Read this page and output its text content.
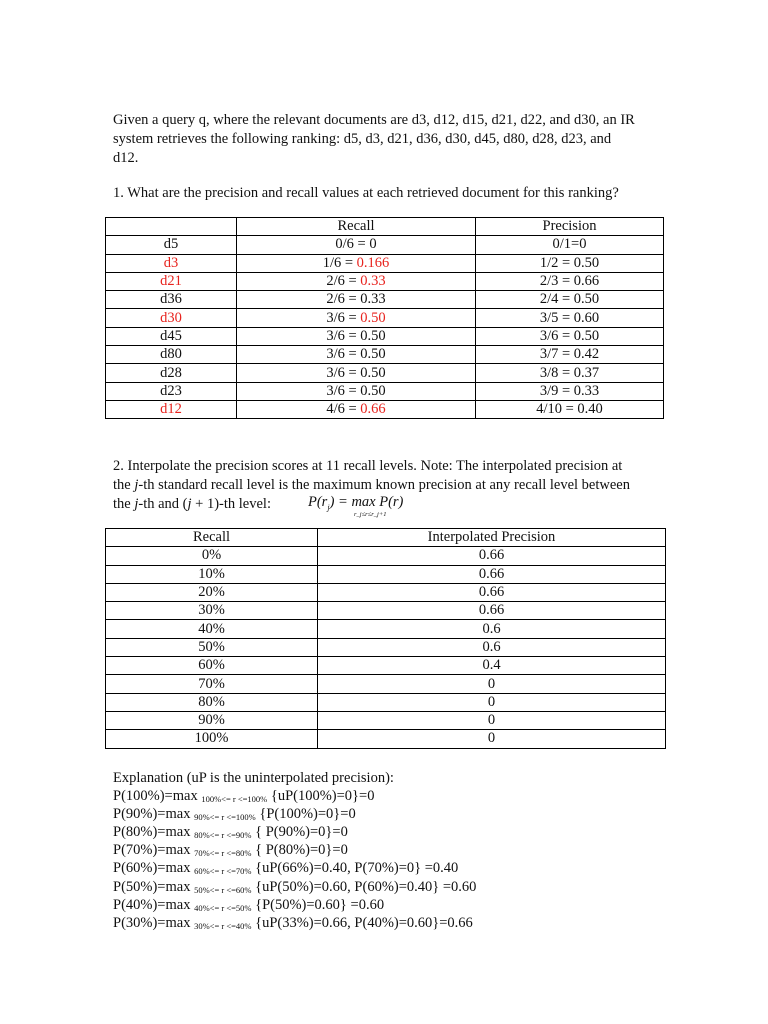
Given a query q, where the relevant documents are d3, d12, d15, d21, d22, and d30, an IR
system retrieves the following ranking: d5, d3, d21, d36, d30, d45, d80, d28, d23, and
d12.
1. What are the precision and recall values at each retrieved document for this ranking?
	Recall	Precision
d5	0/6 = 0	0/1=0
d3	1/6 = 0.166	1/2 = 0.50
d21	2/6 = 0.33	2/3 = 0.66
d36	2/6 = 0.33	2/4 = 0.50
d30	3/6 = 0.50	3/5 = 0.60
d45	3/6 = 0.50	3/6 = 0.50
d80	3/6 = 0.50	3/7 = 0.42
d28	3/6 = 0.50	3/8 = 0.37
d23	3/6 = 0.50	3/9 = 0.33
d12	4/6 = 0.66	4/10 = 0.40
2. Interpolate the precision scores at 11 recall levels. Note: The interpolated precision at
the j-th standard recall level is the maximum known precision at any recall level between
the j-th and (j + 1)-th level:	$P(r_j) = \max P(r)$
r_j≤r≤r_j+1
Recall	Interpolated Precision
0%	0.66
10%	0.66
20%	0.66
30%	0.66
40%	0.6
50%	0.6
60%	0.4
70%	0
80%	0
90%	0
100%	0
Explanation (uP is the uninterpolated precision):
P(100%)=max $_{100\%<= r <=100\%}$ {uP(100%)=0}=0
P(90%)=max $_{90\%<= r <=100\%}$ {P(100%)=0}=0
P(80%)=max $_{80\%<= r <=90\%}$ { P(90%)=0}=0
P(70%)=max $_{70\%<= r <=80\%}$ { P(80%)=0}=0
P(60%)=max $_{60\%<= r <=70\%}$ {uP(66%)=0.40, P(70%)=0} =0.40
P(50%)=max $_{50\%<= r <=60\%}$ {uP(50%)=0.60, P(60%)=0.40} =0.60
P(40%)=max $_{40\%<= r <=50\%}$ {P(50%)=0.60} =0.60
P(30%)=max $_{30\%<= r <=40\%}$ {uP(33%)=0.66, P(40%)=0.60}=0.66
